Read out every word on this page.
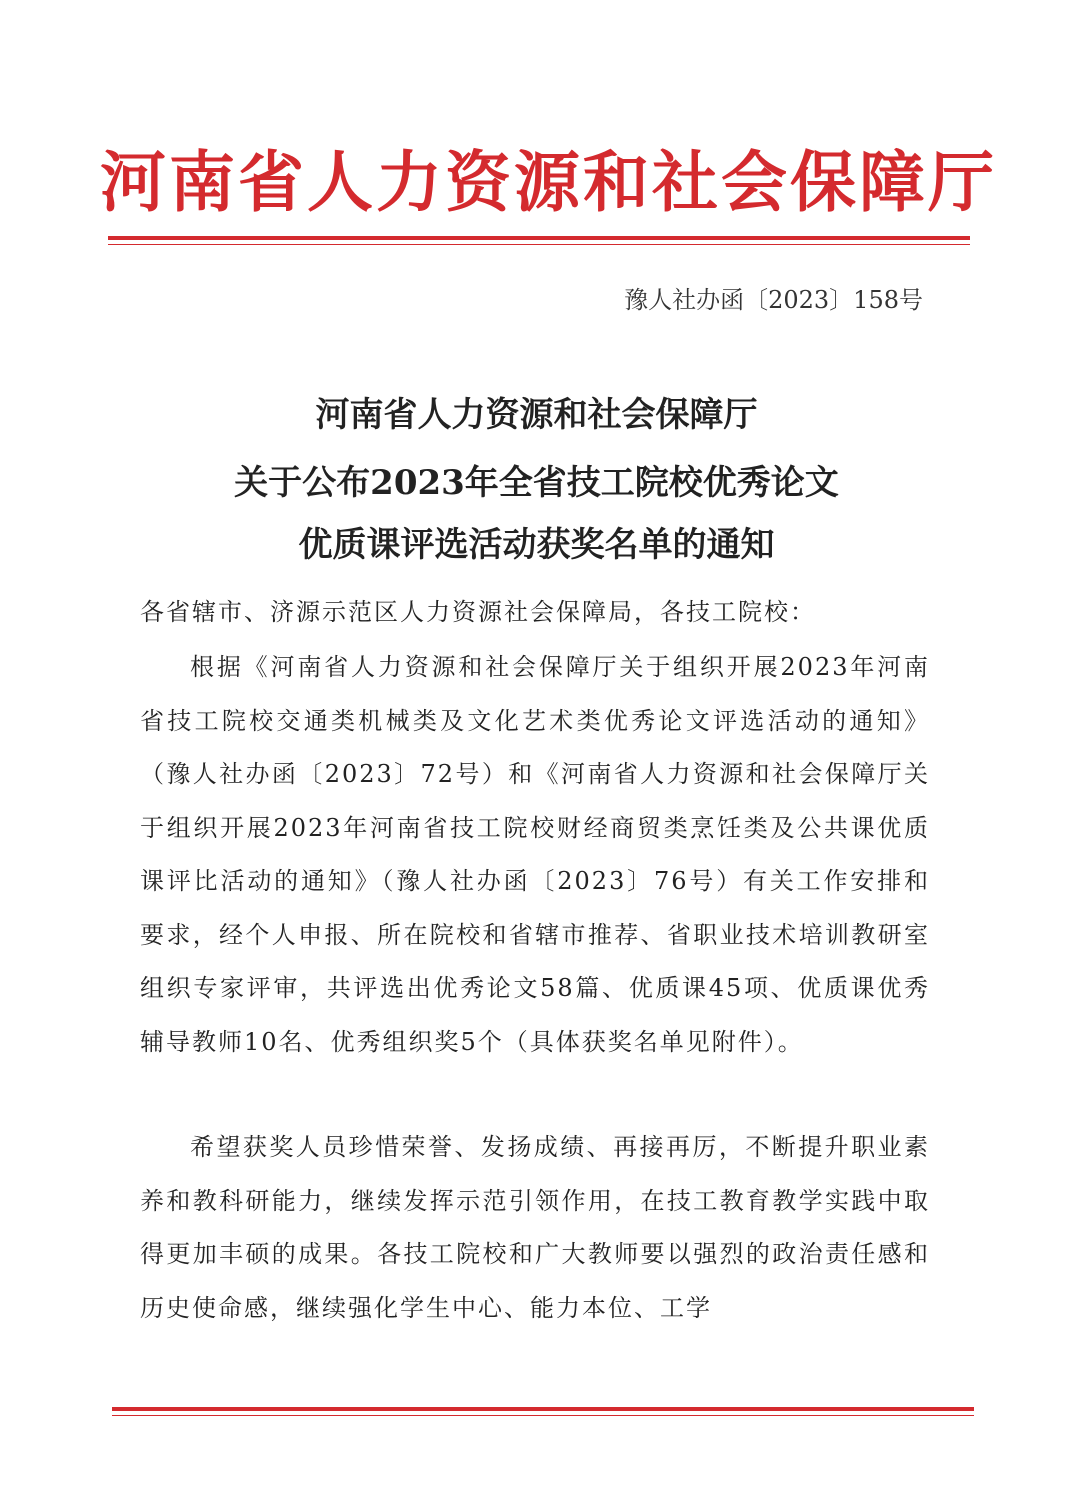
河南省人力资源和社会保障厅
豫人社办函〔2023〕158号
河南省人力资源和社会保障厅
关于公布2023年全省技工院校优秀论文
优质课评选活动获奖名单的通知
各省辖市、济源示范区人力资源社会保障局，各技工院校：
根据《河南省人力资源和社会保障厅关于组织开展2023年河南省技工院校交通类机械类及文化艺术类优秀论文评选活动的通知》（豫人社办函〔2023〕72号）和《河南省人力资源和社会保障厅关于组织开展2023年河南省技工院校财经商贸类烹饪类及公共课优质课评比活动的通知》（豫人社办函〔2023〕76号）有关工作安排和要求，经个人申报、所在院校和省辖市推荐、省职业技术培训教研室组织专家评审，共评选出优秀论文58篇、优质课45项、优质课优秀辅导教师10名、优秀组织奖5个（具体获奖名单见附件）。
希望获奖人员珍惜荣誉、发扬成绩、再接再厉，不断提升职业素养和教科研能力，继续发挥示范引领作用，在技工教育教学实践中取得更加丰硕的成果。各技工院校和广大教师要以强烈的政治责任感和历史使命感，继续强化学生中心、能力本位、工学
